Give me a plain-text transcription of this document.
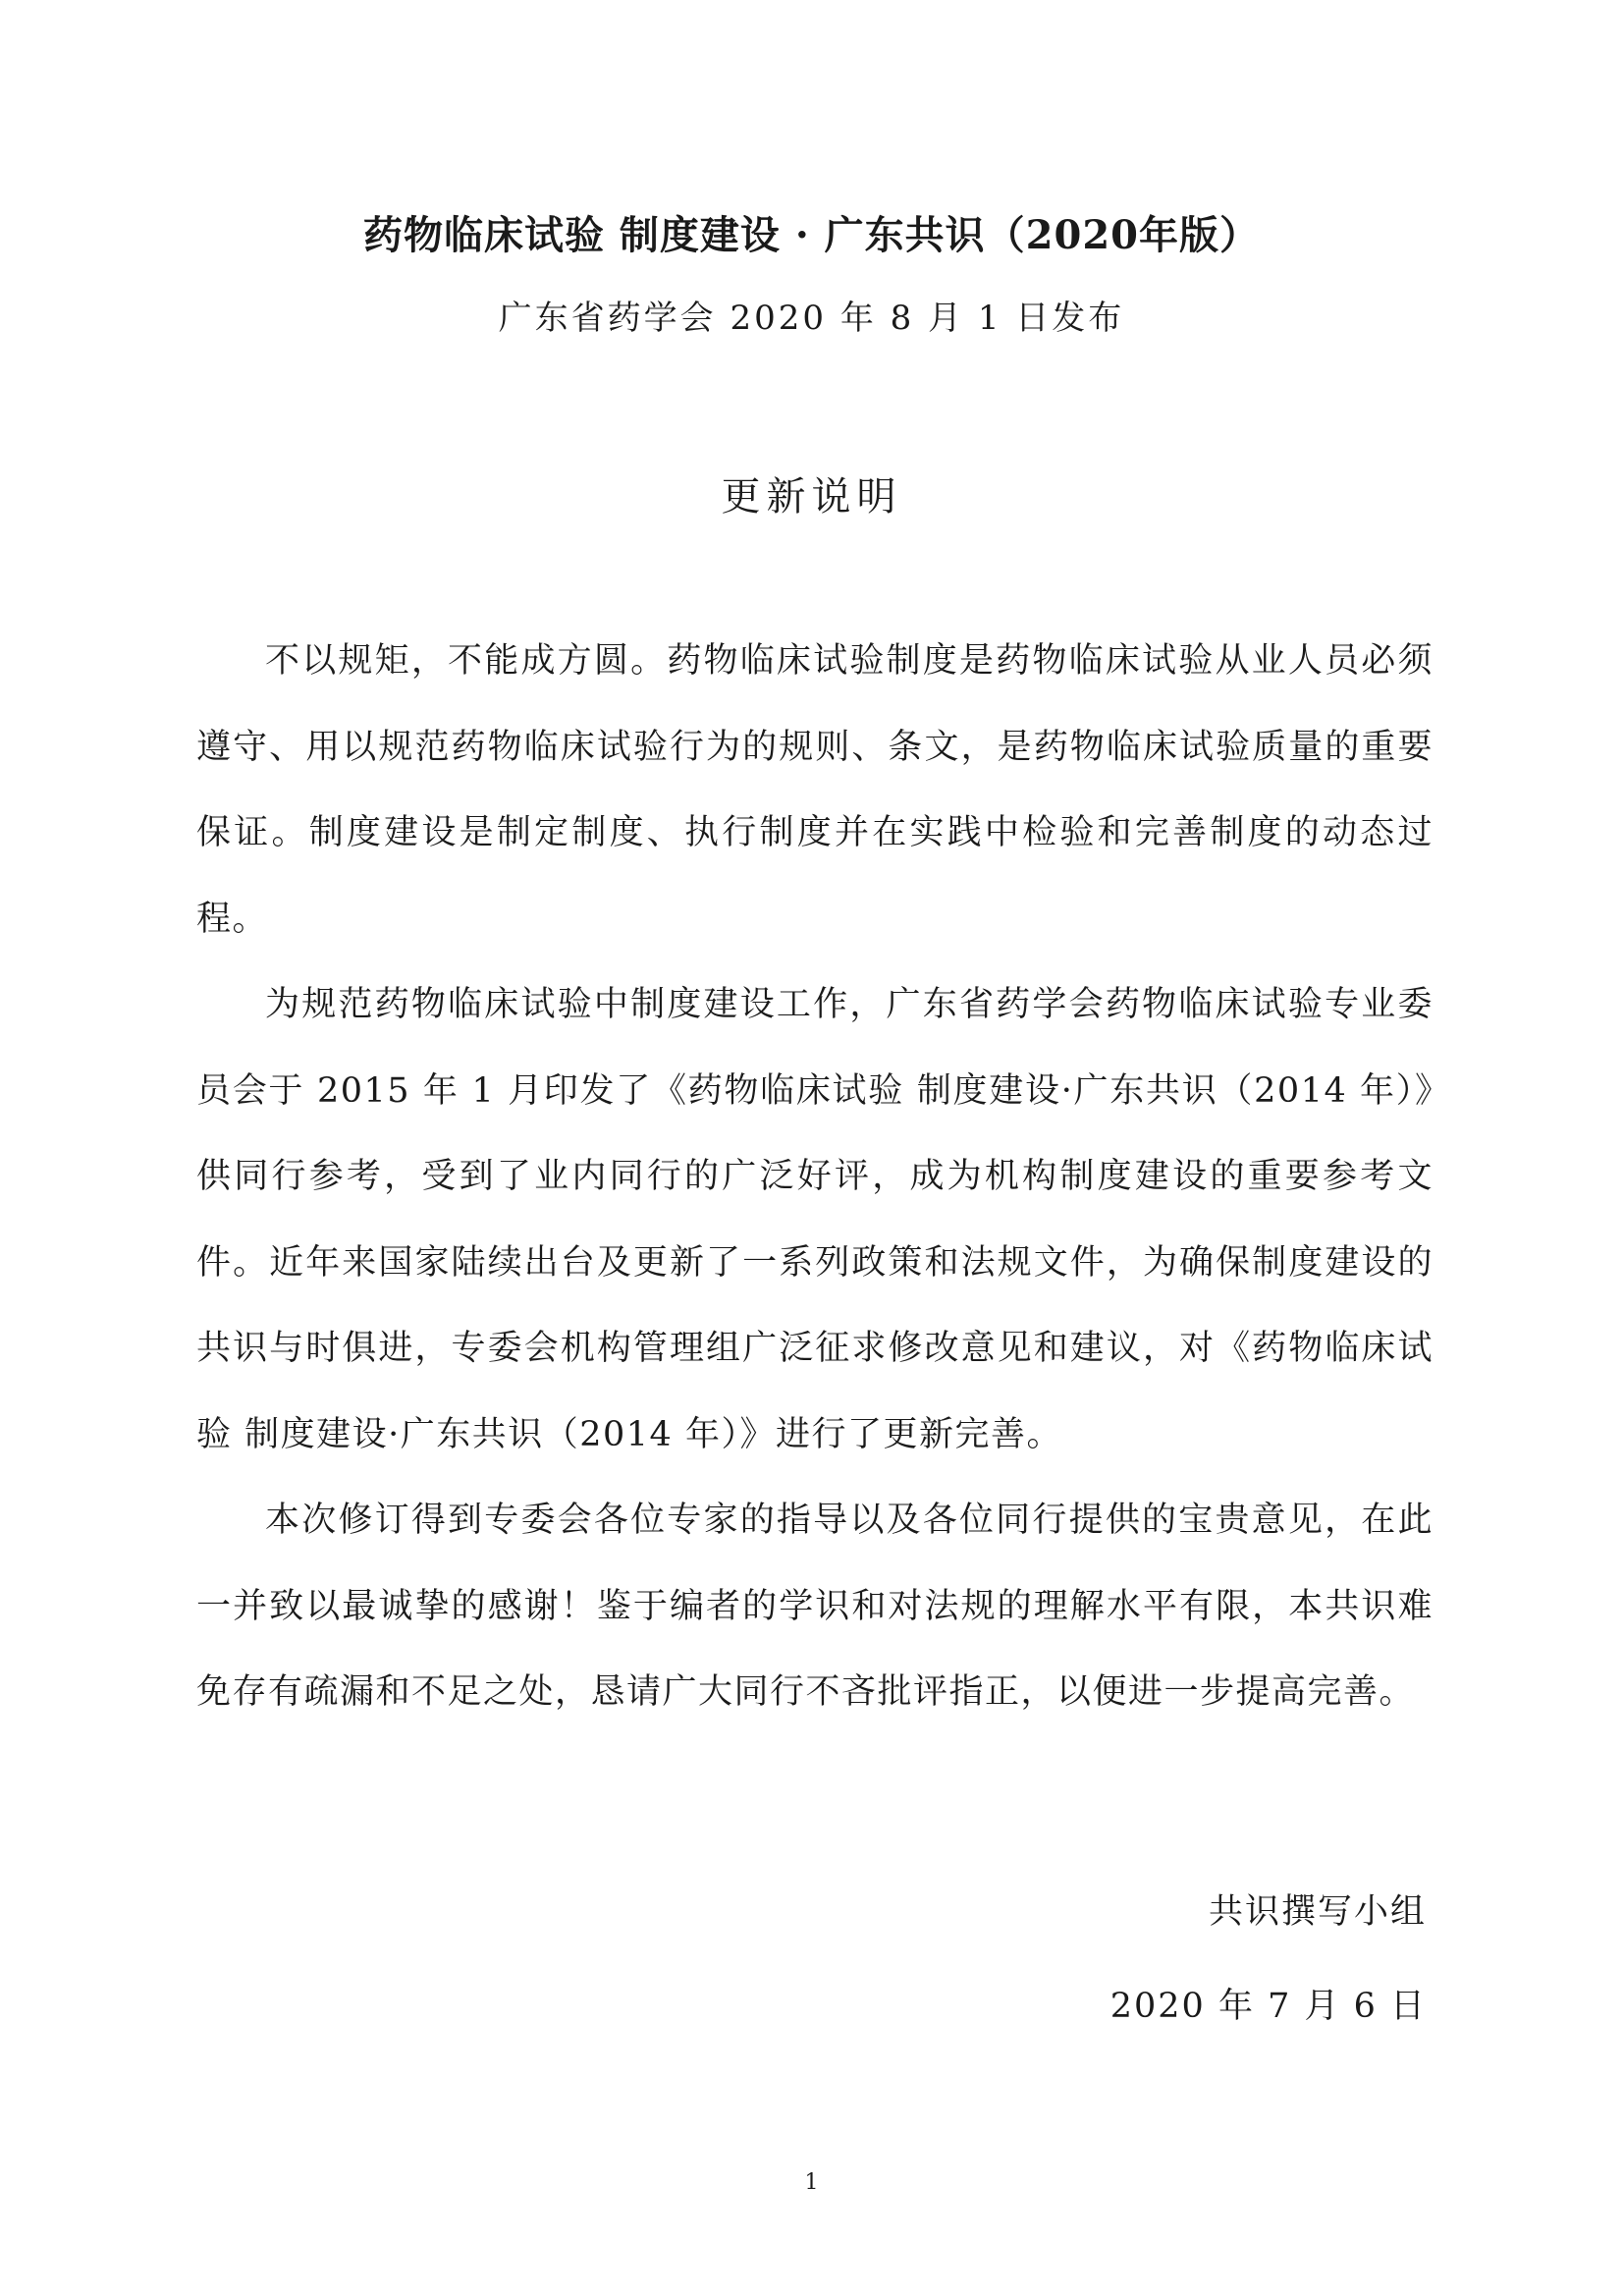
药物临床试验 制度建设 · 广东共识（2020年版）
广东省药学会 2020 年 8 月 1 日发布
更新说明

不以规矩，不能成方圆。药物临床试验制度是药物临床试验从业人员必须遵守、用以规范药物临床试验行为的规则、条文，是药物临床试验质量的重要保证。制度建设是制定制度、执行制度并在实践中检验和完善制度的动态过程。

为规范药物临床试验中制度建设工作，广东省药学会药物临床试验专业委员会于 2015 年 1 月印发了《药物临床试验 制度建设·广东共识（2014 年）》供同行参考，受到了业内同行的广泛好评，成为机构制度建设的重要参考文件。近年来国家陆续出台及更新了一系列政策和法规文件，为确保制度建设的共识与时俱进，专委会机构管理组广泛征求修改意见和建议，对《药物临床试验 制度建设·广东共识（2014 年）》进行了更新完善。

本次修订得到专委会各位专家的指导以及各位同行提供的宝贵意见，在此一并致以最诚挚的感谢！鉴于编者的学识和对法规的理解水平有限，本共识难免存有疏漏和不足之处，恳请广大同行不吝批评指正，以便进一步提高完善。

共识撰写小组
2020 年 7 月 6 日
1
